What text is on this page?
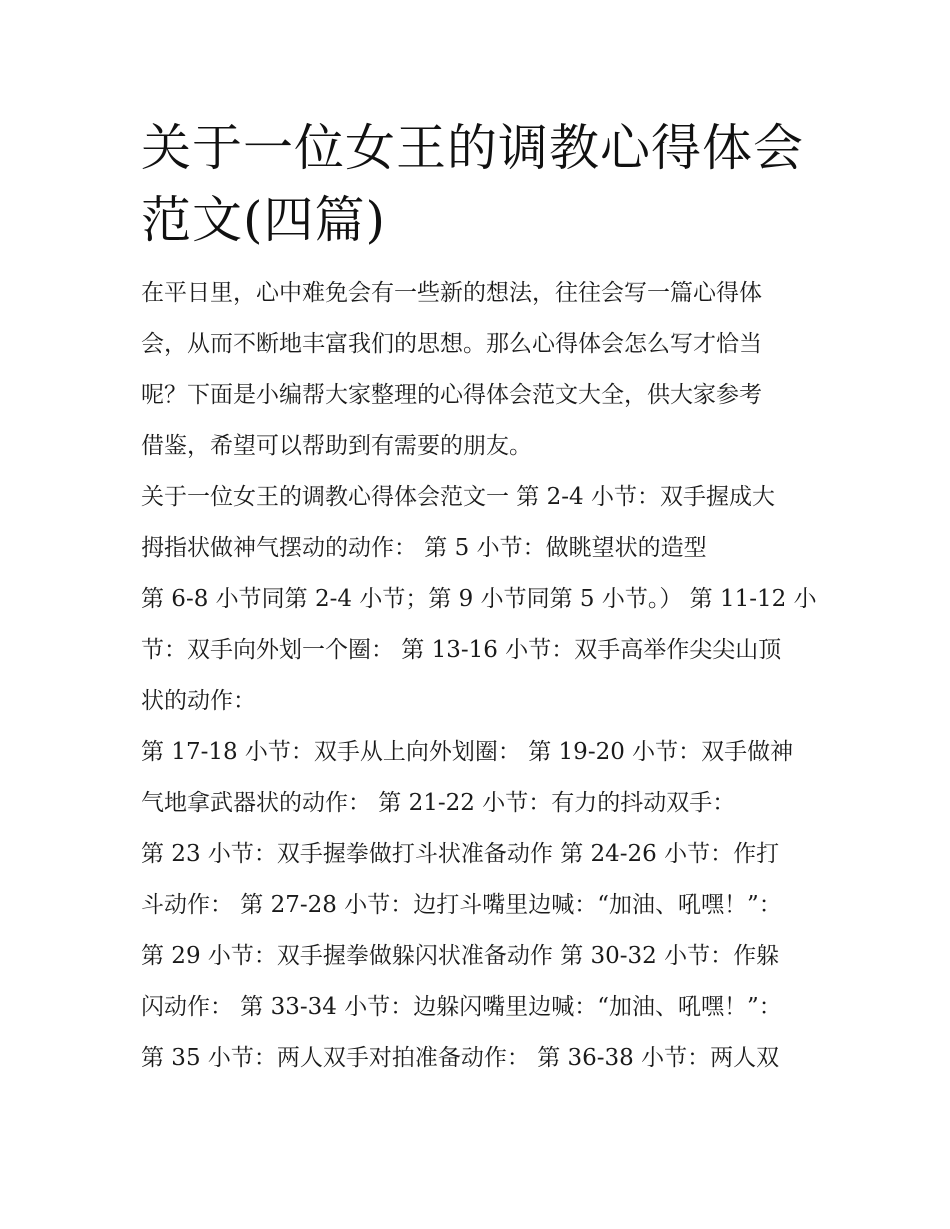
关于一位女王的调教心得体会
范文(四篇)
在平日里，心中难免会有一些新的想法，往往会写一篇心得体
会，从而不断地丰富我们的思想。那么心得体会怎么写才恰当
呢？下面是小编帮大家整理的心得体会范文大全，供大家参考
借鉴，希望可以帮助到有需要的朋友。
关于一位女王的调教心得体会范文一 第 2-4 小节：双手握成大
拇指状做神气摆动的动作： 第 5 小节：做眺望状的造型
第 6-8 小节同第 2-4 小节；第 9 小节同第 5 小节。） 第 11-12 小
节：双手向外划一个圈： 第 13-16 小节：双手高举作尖尖山顶
状的动作：
第 17-18 小节：双手从上向外划圈： 第 19-20 小节：双手做神
气地拿武器状的动作： 第 21-22 小节：有力的抖动双手：
第 23 小节：双手握拳做打斗状准备动作 第 24-26 小节：作打
斗动作： 第 27-28 小节：边打斗嘴里边喊：“加油、吼嘿！”：
第 29 小节：双手握拳做躲闪状准备动作 第 30-32 小节：作躲
闪动作： 第 33-34 小节：边躲闪嘴里边喊：“加油、吼嘿！”：
第 35 小节：两人双手对拍准备动作： 第 36-38 小节：两人双
